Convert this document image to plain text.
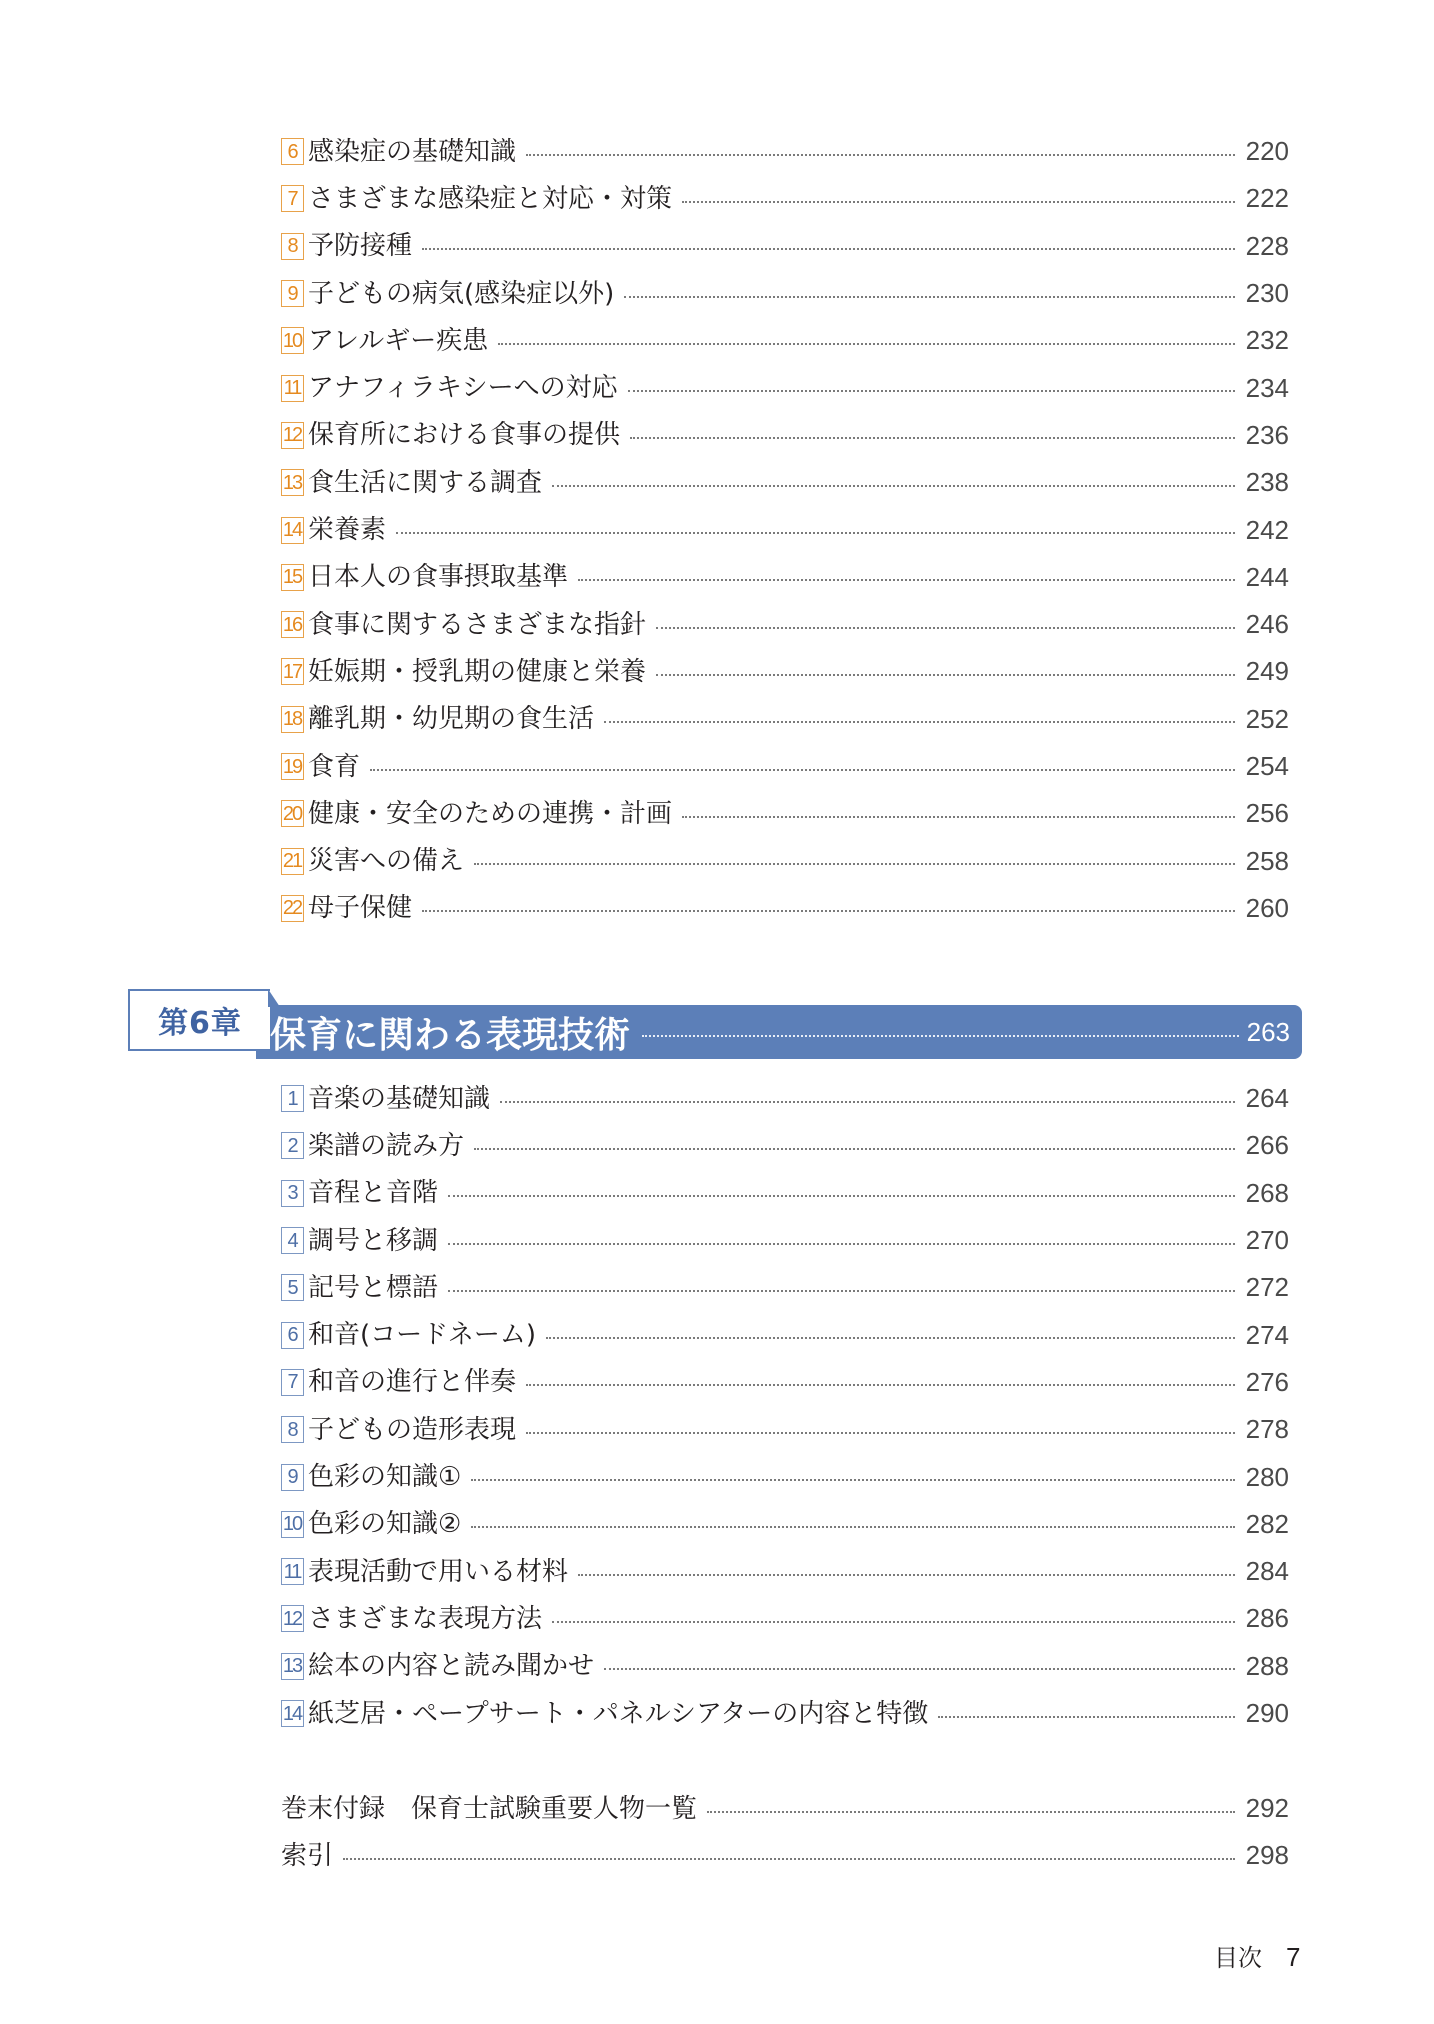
6 感染症の基礎知識	220
7 さまざまな感染症と対応・対策	222
8 予防接種	228
9 子どもの病気(感染症以外)	230
10 アレルギー疾患	232
11 アナフィラキシーへの対応	234
12 保育所における食事の提供	236
13 食生活に関する調査	238
14 栄養素	242
15 日本人の食事摂取基準	244
16 食事に関するさまざまな指針	246
17 妊娠期・授乳期の健康と栄養	249
18 離乳期・幼児期の食生活	252
19 食育	254
20 健康・安全のための連携・計画	256
21 災害への備え	258
22 母子保健	260
保育に関わる表現技術	263
第6章
1 音楽の基礎知識	264
2 楽譜の読み方	266
3 音程と音階	268
4 調号と移調	270
5 記号と標語	272
6 和音(コードネーム)	274
7 和音の進行と伴奏	276
8 子どもの造形表現	278
9 色彩の知識①	280
10 色彩の知識②	282
11 表現活動で用いる材料	284
12 さまざまな表現方法	286
13 絵本の内容と読み聞かせ	288
14 紙芝居・ペープサート・パネルシアターの内容と特徴	290
巻末付録　保育士試験重要人物一覧	292
索引	298
目次 7
